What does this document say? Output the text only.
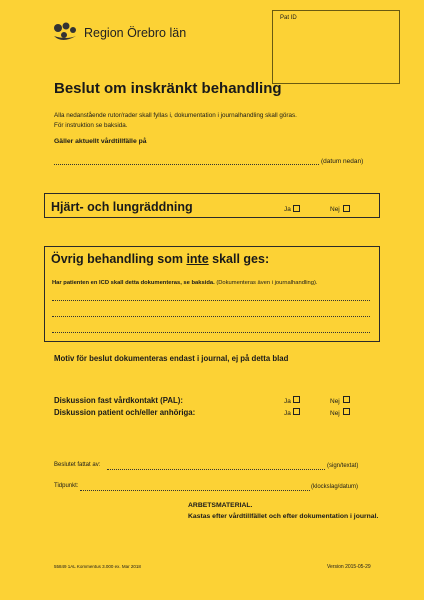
Region Örebro län
Pat ID
Beslut om inskränkt behandling
Alla nedanstående rutor/rader skall fyllas i, dokumentation i journalhandling skall göras.
För instruktion se baksida.
Gäller aktuellt vårdtillfälle på
(datum nedan)
Hjärt- och lungräddning	Ja	Nej
Övrig behandling som inte skall ges:
Har patienten en ICD skall detta dokumenteras, se baksida. (Dokumenteras även i journalhandling).
Motiv för beslut dokumenteras endast i journal, ej på detta blad
Diskussion fast vårdkontakt (PAL):	Ja	Nej
Diskussion patient och/eller anhöriga:	Ja	Nej
Beslutet fattat av:	(sign/textat)
Tidpunkt:	(klockslag/datum)
ARBETSMATERIAL.
Kastas efter vårdtillfället och efter dokumentation i journal.
55849 1AL Kommentus 3.000 ex. Mar 2018	Version 2015-05-29
